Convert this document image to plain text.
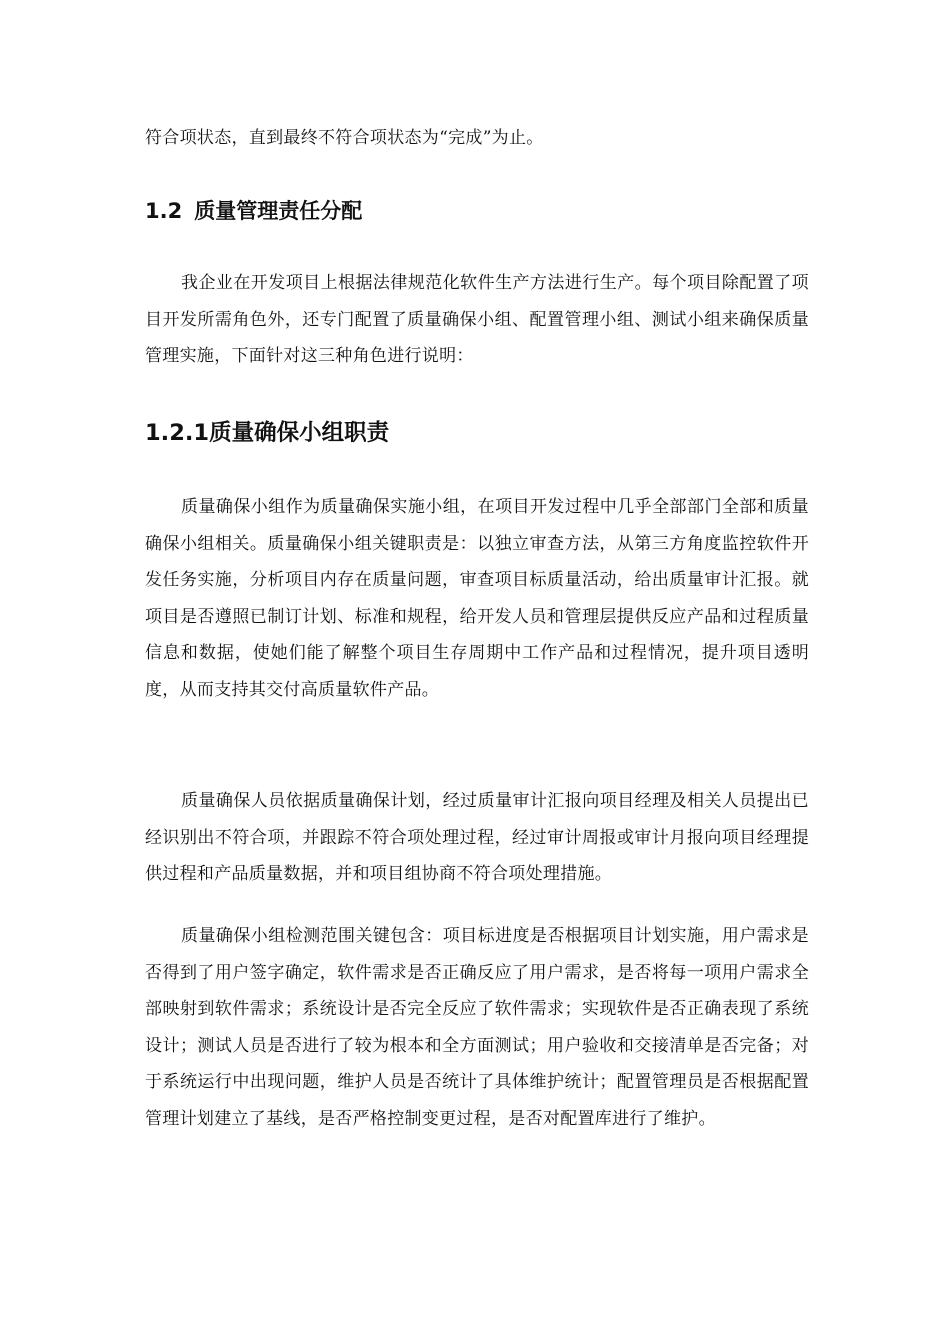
符合项状态，直到最终不符合项状态为“完成”为止。

1.2 质量管理责任分配

我企业在开发项目上根据法律规范化软件生产方法进行生产。每个项目除配置了项目开发所需角色外，还专门配置了质量确保小组、配置管理小组、测试小组来确保质量管理实施，下面针对这三种角色进行说明：

1.2.1质量确保小组职责

质量确保小组作为质量确保实施小组，在项目开发过程中几乎全部部门全部和质量确保小组相关。质量确保小组关键职责是：以独立审查方法，从第三方角度监控软件开发任务实施，分析项目内存在质量问题，审查项目标质量活动，给出质量审计汇报。就项目是否遵照已制订计划、标准和规程，给开发人员和管理层提供反应产品和过程质量信息和数据，使她们能了解整个项目生存周期中工作产品和过程情况，提升项目透明度，从而支持其交付高质量软件产品。

质量确保人员依据质量确保计划，经过质量审计汇报向项目经理及相关人员提出已经识别出不符合项，并跟踪不符合项处理过程，经过审计周报或审计月报向项目经理提供过程和产品质量数据，并和项目组协商不符合项处理措施。

质量确保小组检测范围关键包含：项目标进度是否根据项目计划实施，用户需求是否得到了用户签字确定，软件需求是否正确反应了用户需求，是否将每一项用户需求全部映射到软件需求；系统设计是否完全反应了软件需求；实现软件是否正确表现了系统设计；测试人员是否进行了较为根本和全方面测试；用户验收和交接清单是否完备；对于系统运行中出现问题，维护人员是否统计了具体维护统计；配置管理员是否根据配置管理计划建立了基线，是否严格控制变更过程，是否对配置库进行了维护。
